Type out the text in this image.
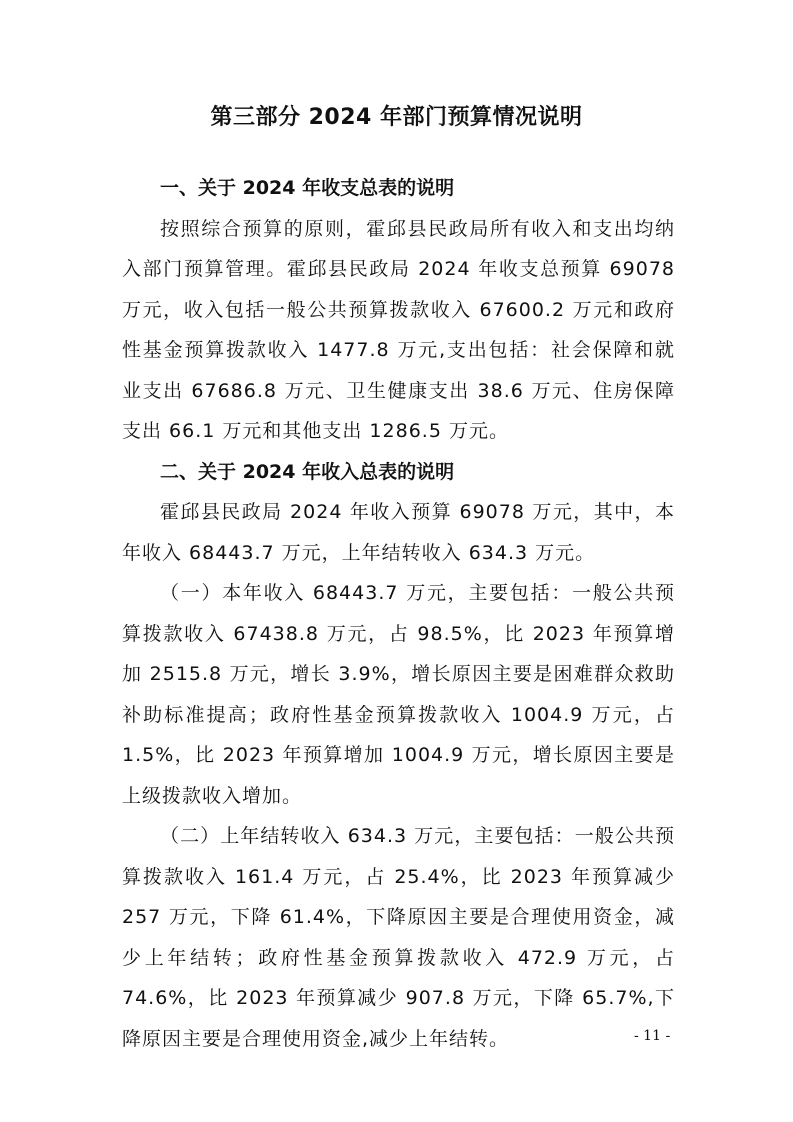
第三部分 2024 年部门预算情况说明

一、关于 2024 年收支总表的说明

按照综合预算的原则，霍邱县民政局所有收入和支出均纳入部门预算管理。霍邱县民政局 2024 年收支总预算 69078 万元，收入包括一般公共预算拨款收入 67600.2 万元和政府性基金预算拨款收入 1477.8 万元,支出包括：社会保障和就业支出 67686.8 万元、卫生健康支出 38.6 万元、住房保障支出 66.1 万元和其他支出 1286.5 万元。

二、关于 2024 年收入总表的说明

霍邱县民政局 2024 年收入预算 69078 万元，其中，本年收入 68443.7 万元，上年结转收入 634.3 万元。

（一）本年收入 68443.7 万元，主要包括：一般公共预算拨款收入 67438.8 万元，占 98.5%，比 2023 年预算增加 2515.8 万元，增长 3.9%，增长原因主要是困难群众救助补助标准提高；政府性基金预算拨款收入 1004.9 万元，占 1.5%，比 2023 年预算增加 1004.9 万元，增长原因主要是上级拨款收入增加。

（二）上年结转收入 634.3 万元，主要包括：一般公共预算拨款收入 161.4 万元，占 25.4%，比 2023 年预算减少 257 万元，下降 61.4%，下降原因主要是合理使用资金，减少上年结转；政府性基金预算拨款收入 472.9 万元，占 74.6%，比 2023 年预算减少 907.8 万元，下降 65.7%,下降原因主要是合理使用资金,减少上年结转。	- 11 -
